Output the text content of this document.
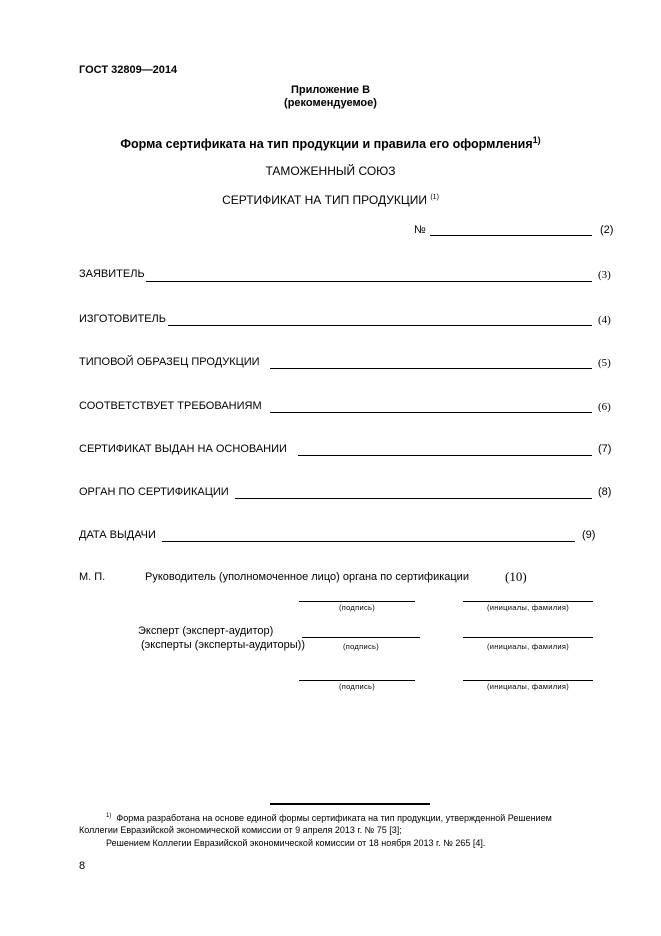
ГОСТ 32809—2014
Приложение В
(рекомендуемое)
Форма сертификата на тип продукции и правила его оформления$^{1)}$
ТАМОЖЕННЫЙ СОЮЗ
СЕРТИФИКАТ НА ТИП ПРОДУКЦИИ $^{(1)}$
№	(2)
ЗАЯВИТЕЛЬ	(3)
ИЗГОТОВИТЕЛЬ	(4)
ТИПОВОЙ ОБРАЗЕЦ ПРОДУКЦИИ	(5)
СООТВЕТСТВУЕТ ТРЕБОВАНИЯМ	(6)
СЕРТИФИКАТ ВЫДАН НА ОСНОВАНИИ	(7)
ОРГАН ПО СЕРТИФИКАЦИИ	(8)
ДАТА ВЫДАЧИ	(9)
М. П.	Руководитель (уполномоченное лицо) органа по сертификации	(10)
(подпись)	(инициалы, фамилия)
Эксперт (эксперт-аудитор)
(эксперты (эксперты-аудиторы))	(подпись)	(инициалы, фамилия)
(подпись)	(инициалы, фамилия)
$^{1)}$ Форма разработана на основе единой формы сертификата на тип продукции, утвержденной Решением
Коллегии Евразийской экономической комиссии от 9 апреля 2013 г. № 75 [3];
Решением Коллегии Евразийской экономической комиссии от 18 ноября 2013 г. № 265 [4].
8
